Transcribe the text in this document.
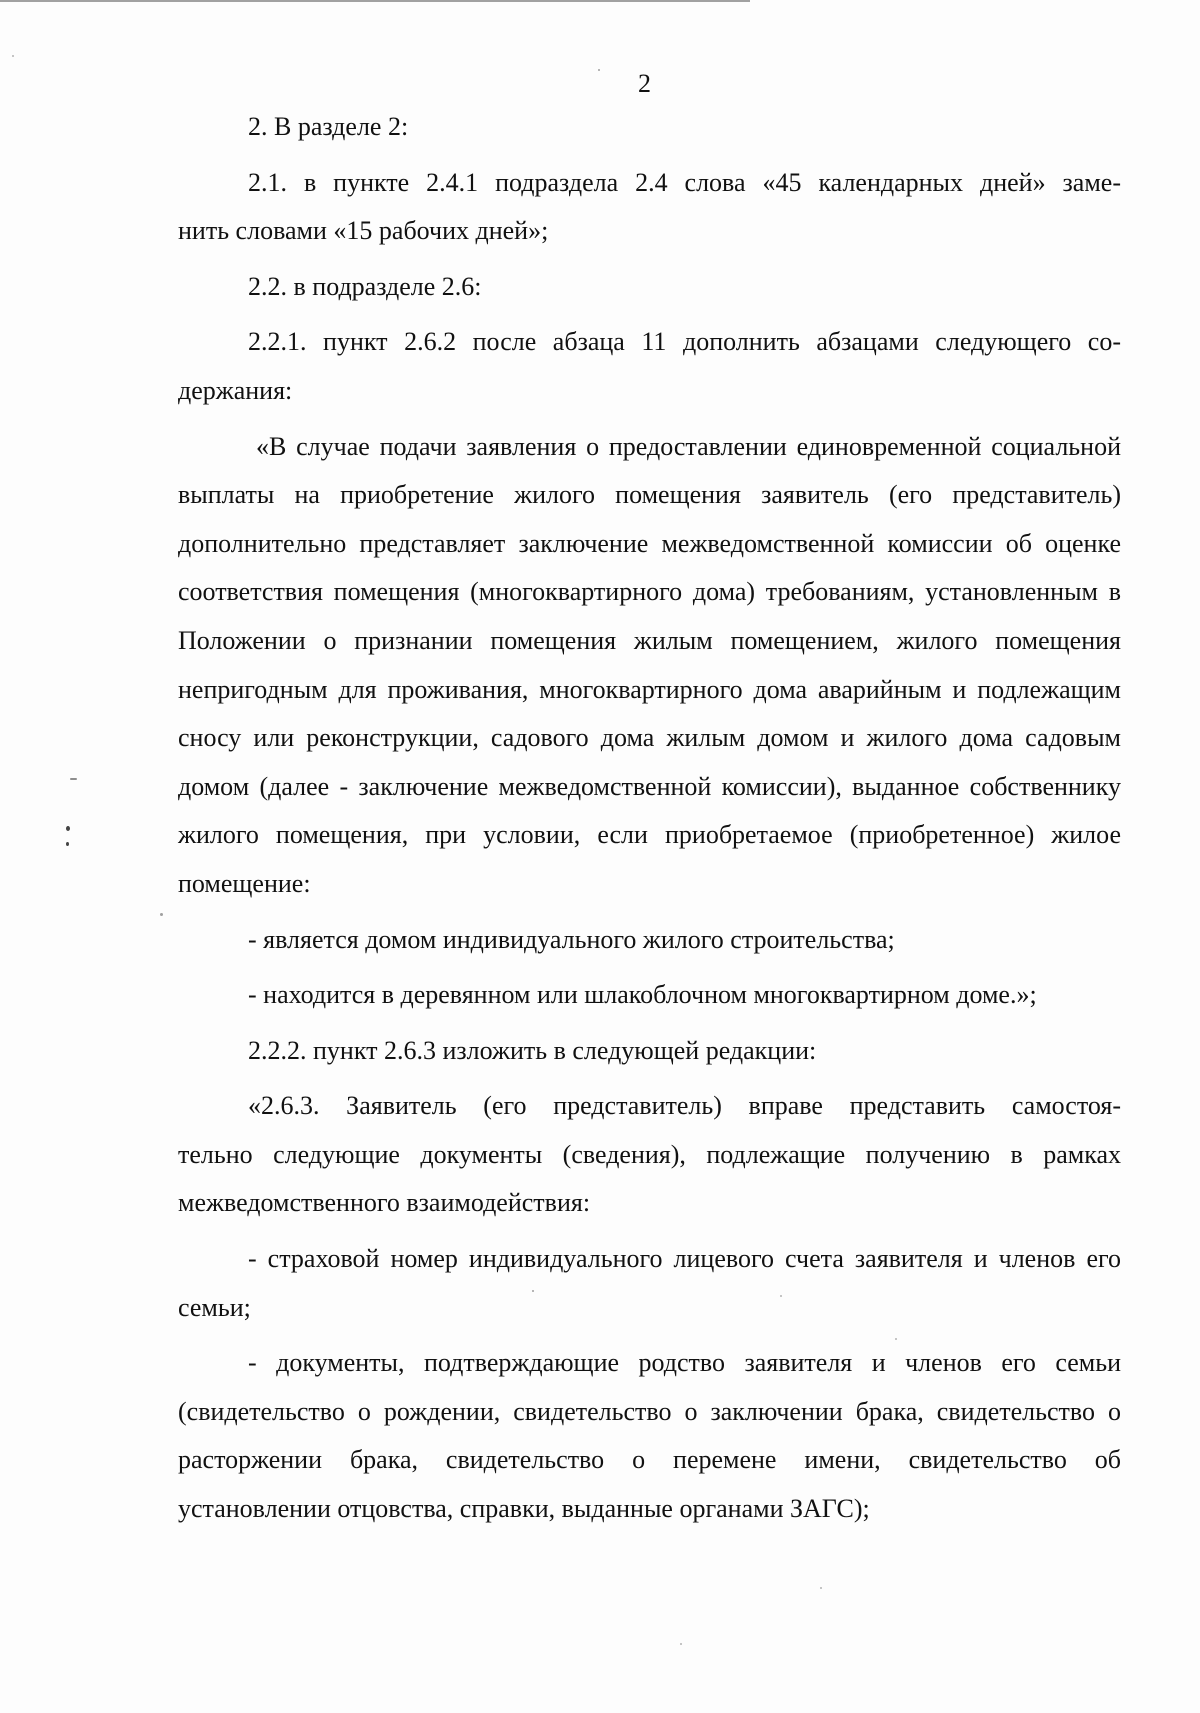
2

2. В разделе 2:

2.1. в пункте 2.4.1 подраздела 2.4 слова «45 календарных дней» заме-

нить словами «15 рабочих дней»;

2.2. в подразделе 2.6:

2.2.1. пункт 2.6.2 после абзаца 11 дополнить абзацами следующего со-

держания:

«В случае подачи заявления о предоставлении единовременной социальной выплаты на приобретение жилого помещения заявитель (его представитель) дополнительно представляет заключение межведомственной комиссии об оценке соответствия помещения (многоквартирного дома) требованиям, установленным в Положении о признании помещения жилым помещением, жилого помещения непригодным для проживания, многоквартирного дома аварийным и подлежащим сносу или реконструкции, садового дома жилым домом и жилого дома садовым домом (далее - заключение межведомственной комиссии), выданное собственнику жилого помещения, при условии, если приобретаемое (приобретенное) жилое помещение:

- является домом индивидуального жилого строительства;

- находится в деревянном или шлакоблочном многоквартирном доме.»;

2.2.2. пункт 2.6.3 изложить в следующей редакции:

«2.6.3. Заявитель (его представитель) вправе представить самостоя-

тельно следующие документы (сведения), подлежащие получению в рамках межведомственного взаимодействия:

- страховой номер индивидуального лицевого счета заявителя и членов его семьи;

- документы, подтверждающие родство заявителя и членов его семьи (свидетельство о рождении, свидетельство о заключении брака, свидетельство о расторжении брака, свидетельство о перемене имени, свидетельство об установлении отцовства, справки, выданные органами ЗАГС);
